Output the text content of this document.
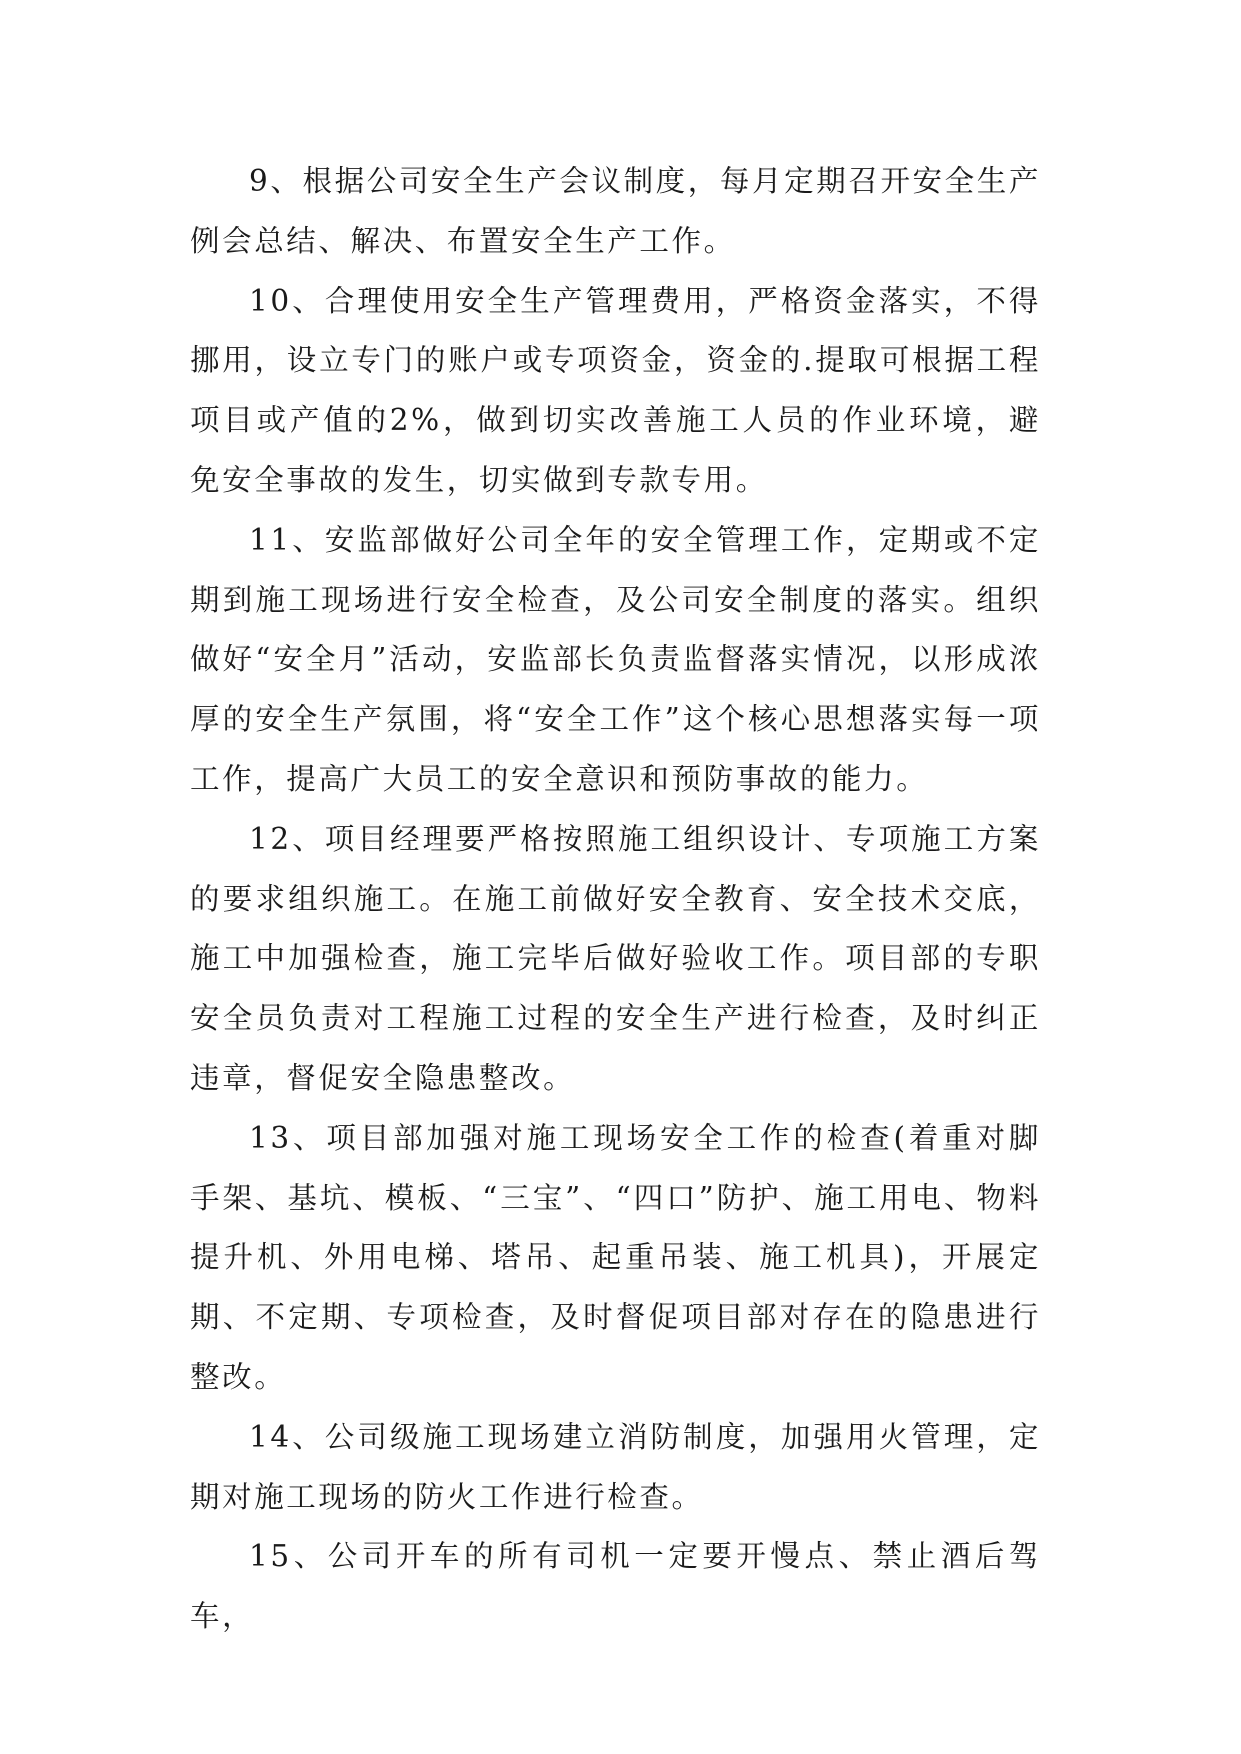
9、根据公司安全生产会议制度，每月定期召开安全生产例会总结、解决、布置安全生产工作。

10、合理使用安全生产管理费用，严格资金落实，不得挪用，设立专门的账户或专项资金，资金的.提取可根据工程项目或产值的2%，做到切实改善施工人员的作业环境，避免安全事故的发生，切实做到专款专用。

11、安监部做好公司全年的安全管理工作，定期或不定期到施工现场进行安全检查，及公司安全制度的落实。组织做好“安全月”活动，安监部长负责监督落实情况，以形成浓厚的安全生产氛围，将“安全工作”这个核心思想落实每一项工作，提高广大员工的安全意识和预防事故的能力。

12、项目经理要严格按照施工组织设计、专项施工方案的要求组织施工。在施工前做好安全教育、安全技术交底，施工中加强检查，施工完毕后做好验收工作。项目部的专职安全员负责对工程施工过程的安全生产进行检查，及时纠正违章，督促安全隐患整改。

13、项目部加强对施工现场安全工作的检查(着重对脚手架、基坑、模板、“三宝”、“四口”防护、施工用电、物料提升机、外用电梯、塔吊、起重吊装、施工机具)，开展定期、不定期、专项检查，及时督促项目部对存在的隐患进行整改。

14、公司级施工现场建立消防制度，加强用火管理，定期对施工现场的防火工作进行检查。

15、公司开车的所有司机一定要开慢点、禁止酒后驾车，
